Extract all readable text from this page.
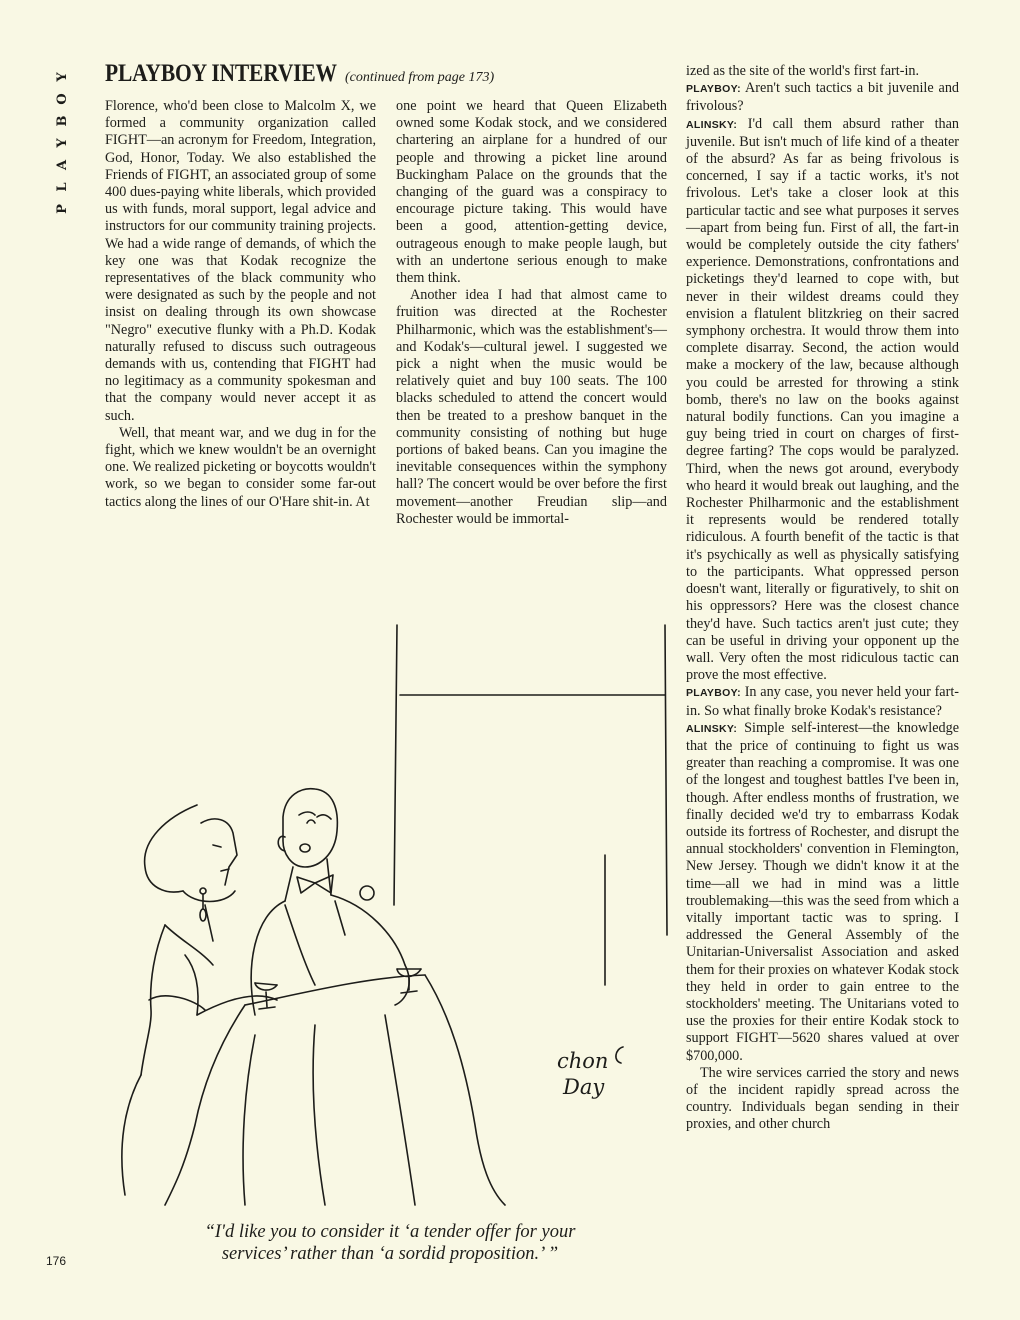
Y
O
B
Y
A
L
P
PLAYBOY INTERVIEW (continued from page 173)

Florence, who'd been close to Malcolm X, we formed a community organization called FIGHT—an acronym for Freedom, Integration, God, Honor, Today. We also established the Friends of FIGHT, an associated group of some 400 dues-paying white liberals, which provided us with funds, moral support, legal advice and instructors for our community training projects. We had a wide range of demands, of which the key one was that Kodak recognize the representatives of the black community who were designated as such by the people and not insist on dealing through its own showcase "Negro" executive flunky with a Ph.D. Kodak naturally refused to discuss such outrageous demands with us, contending that FIGHT had no legitimacy as a community spokesman and that the company would never accept it as such.

Well, that meant war, and we dug in for the fight, which we knew wouldn't be an overnight one. We realized picketing or boycotts wouldn't work, so we began to consider some far-out tactics along the lines of our O'Hare shit-in. At

one point we heard that Queen Elizabeth owned some Kodak stock, and we considered chartering an airplane for a hundred of our people and throwing a picket line around Buckingham Palace on the grounds that the changing of the guard was a conspiracy to encourage picture taking. This would have been a good, attention-getting device, outrageous enough to make people laugh, but with an undertone serious enough to make them think.

Another idea I had that almost came to fruition was directed at the Rochester Philharmonic, which was the establishment's—and Kodak's—cultural jewel. I suggested we pick a night when the music would be relatively quiet and buy 100 seats. The 100 blacks scheduled to attend the concert would then be treated to a preshow banquet in the community consisting of nothing but huge portions of baked beans. Can you imagine the inevitable consequences within the symphony hall? The concert would be over before the first movement—another Freudian slip—and Rochester would be immortal-

ized as the site of the world's first fart-in.

PLAYBOY: Aren't such tactics a bit juvenile and frivolous?

ALINSKY: I'd call them absurd rather than juvenile. But isn't much of life kind of a theater of the absurd? As far as being frivolous is concerned, I say if a tactic works, it's not frivolous. Let's take a closer look at this particular tactic and see what purposes it serves—apart from being fun. First of all, the fart-in would be completely outside the city fathers' experience. Demonstrations, confrontations and picketings they'd learned to cope with, but never in their wildest dreams could they envision a flatulent blitzkrieg on their sacred symphony orchestra. It would throw them into complete disarray. Second, the action would make a mockery of the law, because although you could be arrested for throwing a stink bomb, there's no law on the books against natural bodily functions. Can you imagine a guy being tried in court on charges of first-degree farting? The cops would be paralyzed. Third, when the news got around, everybody who heard it would break out laughing, and the Rochester Philharmonic and the establishment it represents would be rendered totally ridiculous. A fourth benefit of the tactic is that it's psychically as well as physically satisfying to the participants. What oppressed person doesn't want, literally or figuratively, to shit on his oppressors? Here was the closest chance they'd have. Such tactics aren't just cute; they can be useful in driving your opponent up the wall. Very often the most ridiculous tactic can prove the most effective.

PLAYBOY: In any case, you never held your fart-in. So what finally broke Kodak's resistance?

ALINSKY: Simple self-interest—the knowledge that the price of continuing to fight us was greater than reaching a compromise. It was one of the longest and toughest battles I've been in, though. After endless months of frustration, we finally decided we'd try to embarrass Kodak outside its fortress of Rochester, and disrupt the annual stockholders' convention in Flemington, New Jersey. Though we didn't know it at the time—all we had in mind was a little troublemaking—this was the seed from which a vitally important tactic was to spring. I addressed the General Assembly of the Unitarian-Universalist Association and asked them for their proxies on whatever Kodak stock they held in order to gain entree to the stockholders' meeting. The Unitarians voted to use the proxies for their entire Kodak stock to support FIGHT—5620 shares valued at over $700,000.

The wire services carried the story and news of the incident rapidly spread across the country. Individuals began sending in their proxies, and other church

chon
Day
“I'd like you to consider it ‘a tender offer for your
services’ rather than ‘a sordid proposition.’ ”
176
